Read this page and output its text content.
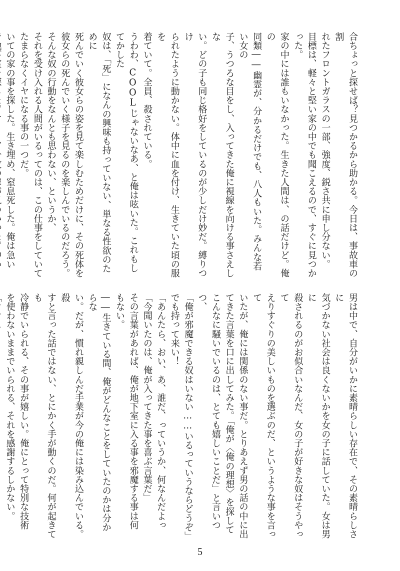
合ちょっと探せば？見つかるから助かる。今日は、事故車の割

れたフロントガラスの一部、強度、鋭さ共に申し分ない。

目標は、軽々と堅い家の中でも聞こえるので、すぐに見つかった。

家の中には誰もいなかった。生きた人間は、の話だけど。俺の

同類――幽霊が、分かるだけでも、八人もいた。みんな若い女の

子、うつろな目をし、入ってきた俺に視線を向ける事さえしな

い。どの子も同じ格好をしているのが少しだけ妙だ。縛りつけ

られたように動かない。体中に血を付け、生きていた頃の服を

着ていて。全員、殺されている。

うわわ、COOLじゃないなあ、と俺は呟いた。これもしてかした

奴は、「死」になんの興味も持っていない、単なる性欲のために

死んでいく彼女らの姿を見て楽しむためだけに、その死体を

彼女らの死んでいく様子を見るのを楽しんでいるのだろう。

そんな奴の行動をなんとも思わない、というか、

それを受け入れる人間がいるってのは、この仕事をしていて

たまらなくイヤになる事の一つだ。

いての家の事を探した。生き埋め、窒息死した。俺は急い

男は中で、自分がいかに素晴らしい存在で、その素晴らしさに

気づかない社会は良くないかを女の子に話していた。女は男に

殺されるのがお似合いなんだ、女の子が好きな奴はそうやって

えりすぐりの美しいものを選ぶのだ、というような事を言って

いたが、俺には関係のない事だ。とりあえず男の話の中に出

てきた言葉を口に出してみた。「俺が〈俺の理想〉を探して

こんなに騒いでいるのは、とても嬉しいことだ」と言いつつ、

「俺が邪魔できる奴はいない……いるっていうならどうぞ」

でも持って来い！

「あんたら、おい、あ、誰だ、っていうか、何なんだよっ

「今聞いたのは、俺が入ってきた事を喜ぶ言葉だ」

その言葉があれば、俺が地下室に入る事を邪魔する事は何

もない。

――生きている間、俺がどんなことをしていたのかは分からな

い。だが、慣れ親しんだ手業が今の俺には染み込んでいる。殺

すと言った話ではない、とにかく手が動くのだ。何が起きても

冷静でいられる、その事が嬉しい。俺にとって特別な技術

を使わないままでいられる、それを感謝するしかない。

5
